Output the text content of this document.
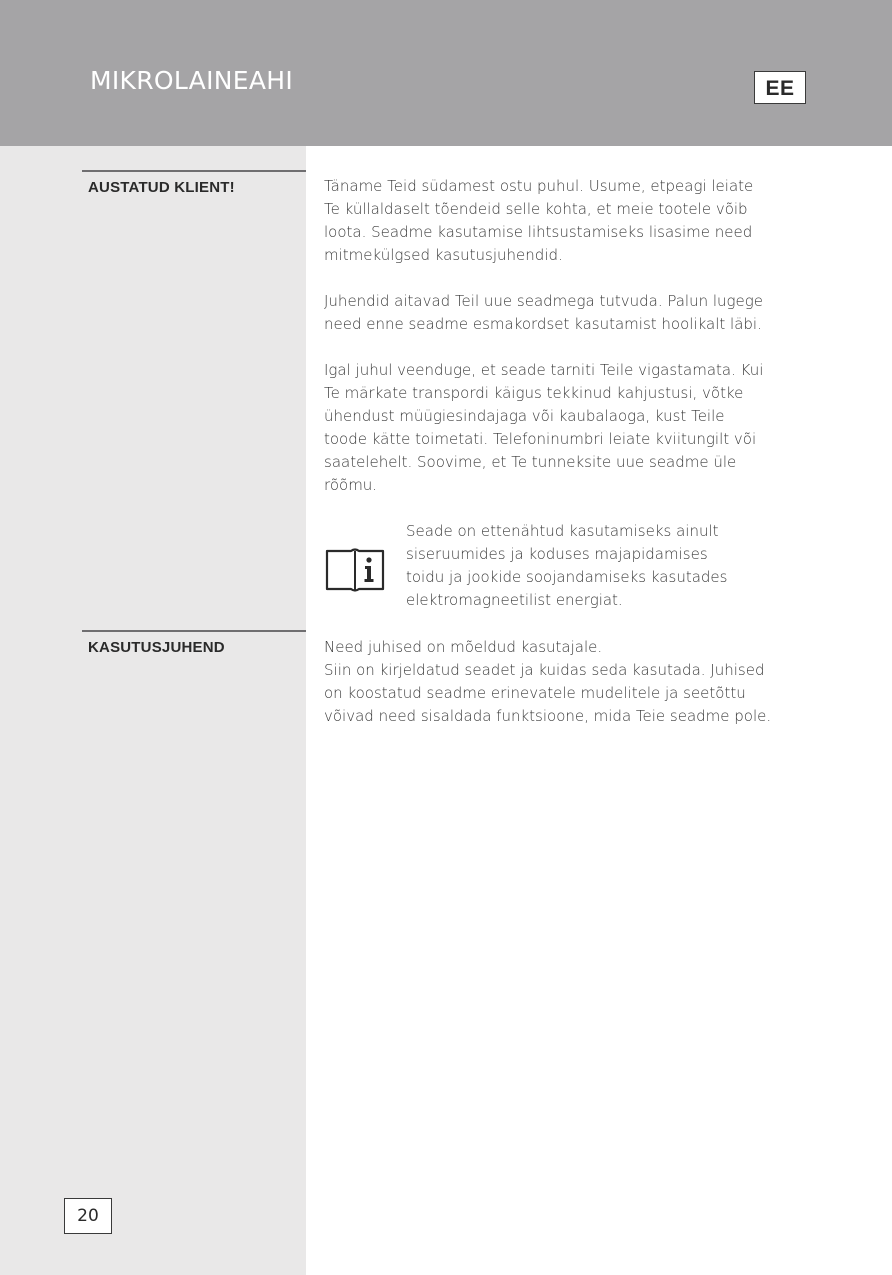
MIKROLAINEAHI	EE
AUSTATUD KLIENT!	Täname Teid südamest ostu puhul. Usume, etpeagi leiate
Te küllaldaselt tõendeid selle kohta, et meie tootele võib
loota. Seadme kasutamise lihtsustamiseks lisasime need
mitmekülgsed kasutusjuhendid.

Juhendid aitavad Teil uue seadmega tutvuda. Palun lugege
need enne seadme esmakordset kasutamist hoolikalt läbi.

Igal juhul veenduge, et seade tarniti Teile vigastamata. Kui
Te märkate transpordi käigus tekkinud kahjustusi, võtke
ühendust müügiesindajaga või kaubalaoga, kust Teile
toode kätte toimetati. Telefoninumbri leiate kviitungilt või
saatelehelt. Soovime, et Te tunneksite uue seadme üle
rõõmu.

Seade on ettenähtud kasutamiseks ainult
siseruumides ja koduses majapidamises
toidu ja jookide soojandamiseks kasutades
elektromagneetilist energiat.

KASUTUSJUHEND	Need juhised on mõeldud kasutajale.
Siin on kirjeldatud seadet ja kuidas seda kasutada. Juhised
on koostatud seadme erinevatele mudelitele ja seetõttu
võivad need sisaldada funktsioone, mida Teie seadme pole.

20
